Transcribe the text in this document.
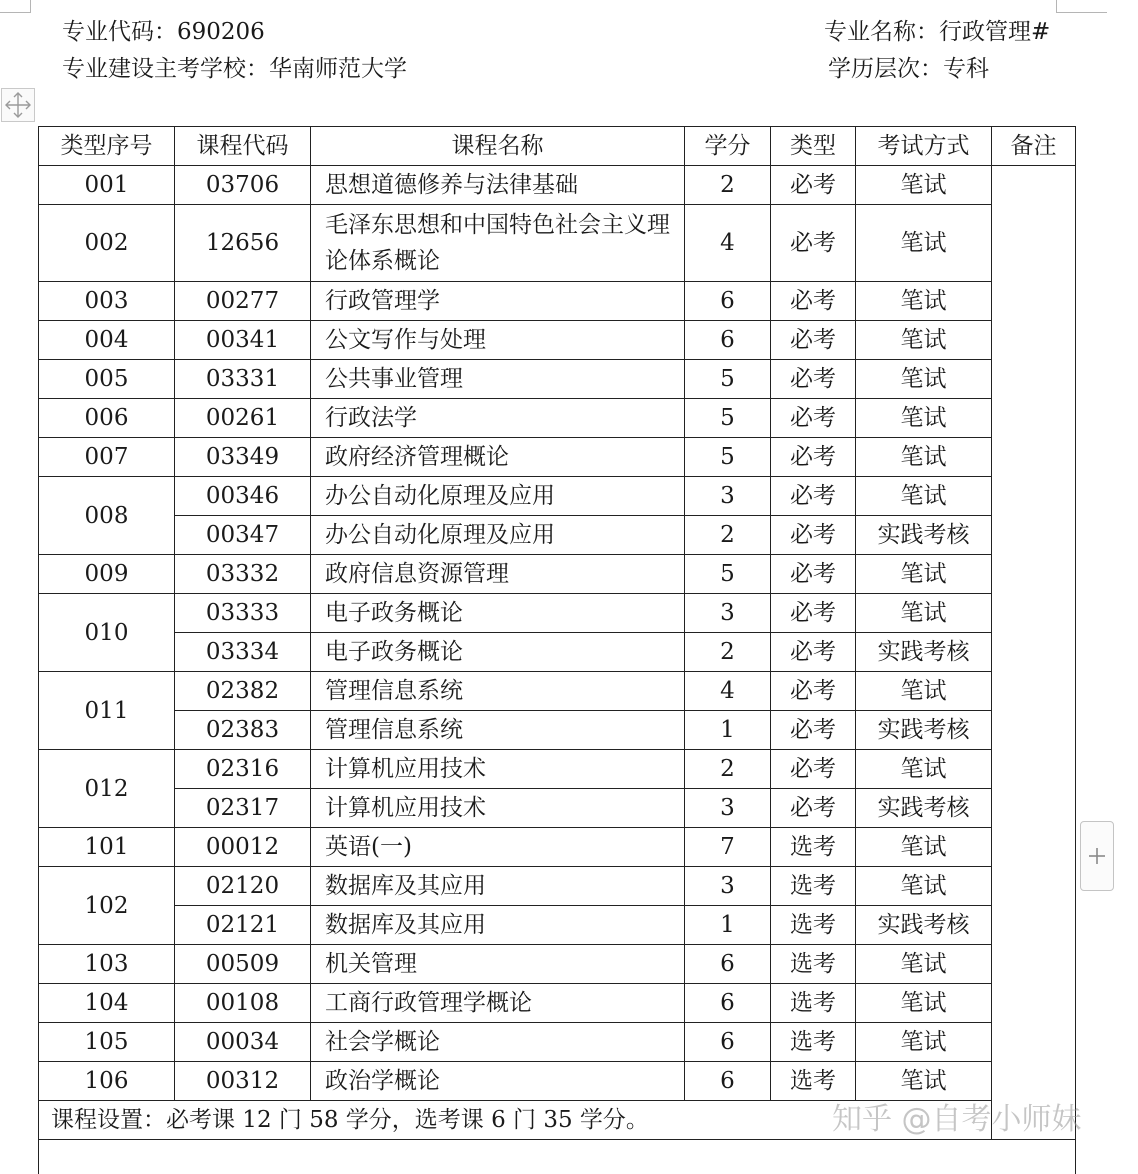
专业代码：690206
专业建设主考学校：华南师范大学
专业名称：行政管理#
学历层次：专科
类型序号	课程代码	课程名称	学分	类型	考试方式	备注
001	03706	思想道德修养与法律基础	2	必考	笔试	
002	12656	毛泽东思想和中国特色社会主义理论体系概论	4	必考	笔试	
003	00277	行政管理学	6	必考	笔试	
004	00341	公文写作与处理	6	必考	笔试	
005	03331	公共事业管理	5	必考	笔试	
006	00261	行政法学	5	必考	笔试	
007	03349	政府经济管理概论	5	必考	笔试	
008	00346	办公自动化原理及应用	3	必考	笔试	
	00347	办公自动化原理及应用	2	必考	实践考核	
009	03332	政府信息资源管理	5	必考	笔试	
010	03333	电子政务概论	3	必考	笔试	
	03334	电子政务概论	2	必考	实践考核	
011	02382	管理信息系统	4	必考	笔试	
	02383	管理信息系统	1	必考	实践考核	
012	02316	计算机应用技术	2	必考	笔试	
	02317	计算机应用技术	3	必考	实践考核	
101	00012	英语(一)	7	选考	笔试	
102	02120	数据库及其应用	3	选考	笔试	
	02121	数据库及其应用	1	选考	实践考核	
103	00509	机关管理	6	选考	笔试	
104	00108	工商行政管理学概论	6	选考	笔试	
105	00034	社会学概论	6	选考	笔试	
106	00312	政治学概论	6	选考	笔试	
课程设置：必考课 12 门 58 学分，选考课 6 门 35 学分。							知乎 @自考小师妹
